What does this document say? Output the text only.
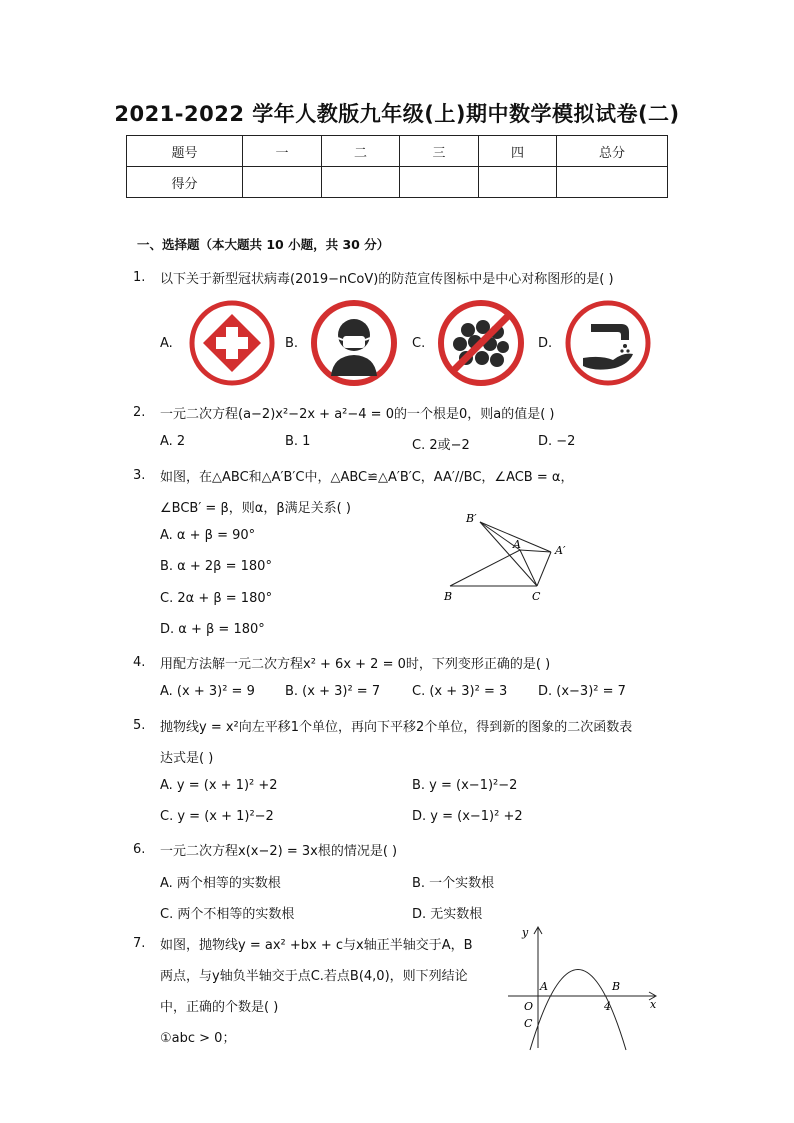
2021-2022 学年人教版九年级(上)期中数学模拟试卷(二)
题号	一	二	三	四	总分
得分					
一、选择题（本大题共 10 小题，共 30 分）
1. 以下关于新型冠状病毒(2019−nCoV)的防范宣传图标中是中心对称图形的是( )
A.	B.	C.	D.
2. 一元二次方程(a−2)x²−2x + a²−4 = 0的一个根是0，则a的值是( )
A. 2	B. 1	C. 2或−2	D. −2
3. 如图，在△ABC和△A′B′C中，△ABC≌△A′B′C，AA′//BC，∠ACB = α，
∠BCB′ = β，则α，β满足关系( )
A. α + β = 90°
B. α + 2β = 180°
C. 2α + β = 180°
D. α + β = 180°
B′
A	A′
B	C
4. 用配方法解一元二次方程x² + 6x + 2 = 0时，下列变形正确的是( )
A. (x + 3)² = 9 B. (x + 3)² = 7 C. (x + 3)² = 3 D. (x−3)² = 7
5. 抛物线y = x²向左平移1个单位，再向下平移2个单位，得到新的图象的二次函数表
达式是( )
A. y = (x + 1)² +2	B. y = (x−1)²−2
C. y = (x + 1)²−2	D. y = (x−1)² +2
6. 一元二次方程x(x−2) = 3x根的情况是( )
A. 两个相等的实数根	B. 一个实数根
C. 两个不相等的实数根	D. 无实数根
7. 如图，抛物线y = ax² +bx + c与x轴正半轴交于A，B
两点，与y轴负半轴交于点C.若点B(4,0)，则下列结论
中，正确的个数是( )
①abc > 0；
y
x
O
A	B
C
4
